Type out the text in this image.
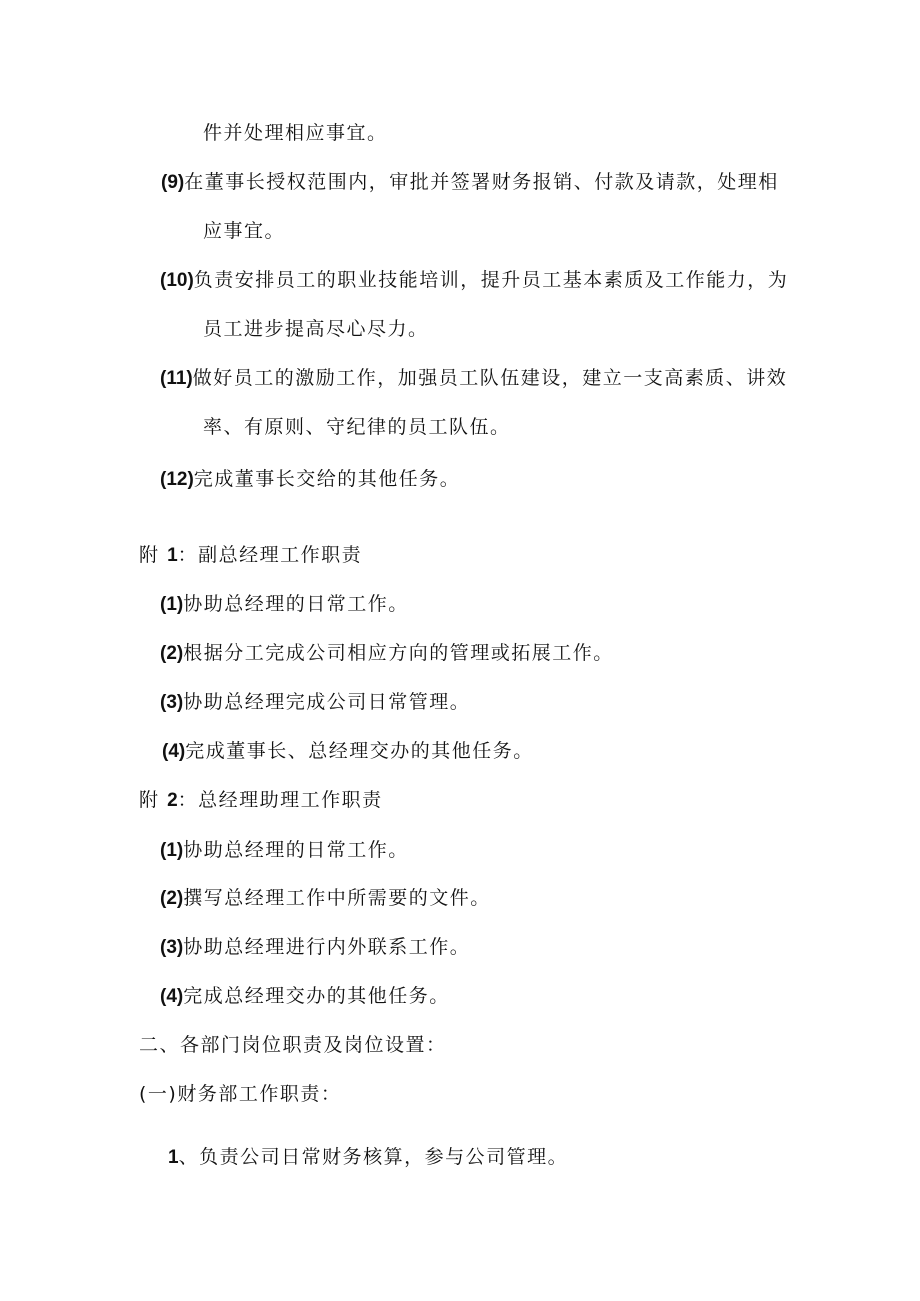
件并处理相应事宜。
(9)在董事长授权范围内，审批并签署财务报销、付款及请款，处理相
应事宜。
(10)负责安排员工的职业技能培训，提升员工基本素质及工作能力，为
员工进步提高尽心尽力。
(11)做好员工的激励工作，加强员工队伍建设，建立一支高素质、讲效
率、有原则、守纪律的员工队伍。
(12)完成董事长交给的其他任务。
附 1：副总经理工作职责
(1)协助总经理的日常工作。
(2)根据分工完成公司相应方向的管理或拓展工作。
(3)协助总经理完成公司日常管理。
(4)完成董事长、总经理交办的其他任务。
附 2：总经理助理工作职责
(1)协助总经理的日常工作。
(2)撰写总经理工作中所需要的文件。
(3)协助总经理进行内外联系工作。
(4)完成总经理交办的其他任务。
二、各部门岗位职责及岗位设置：
(一)财务部工作职责：
1、负责公司日常财务核算，参与公司管理。
